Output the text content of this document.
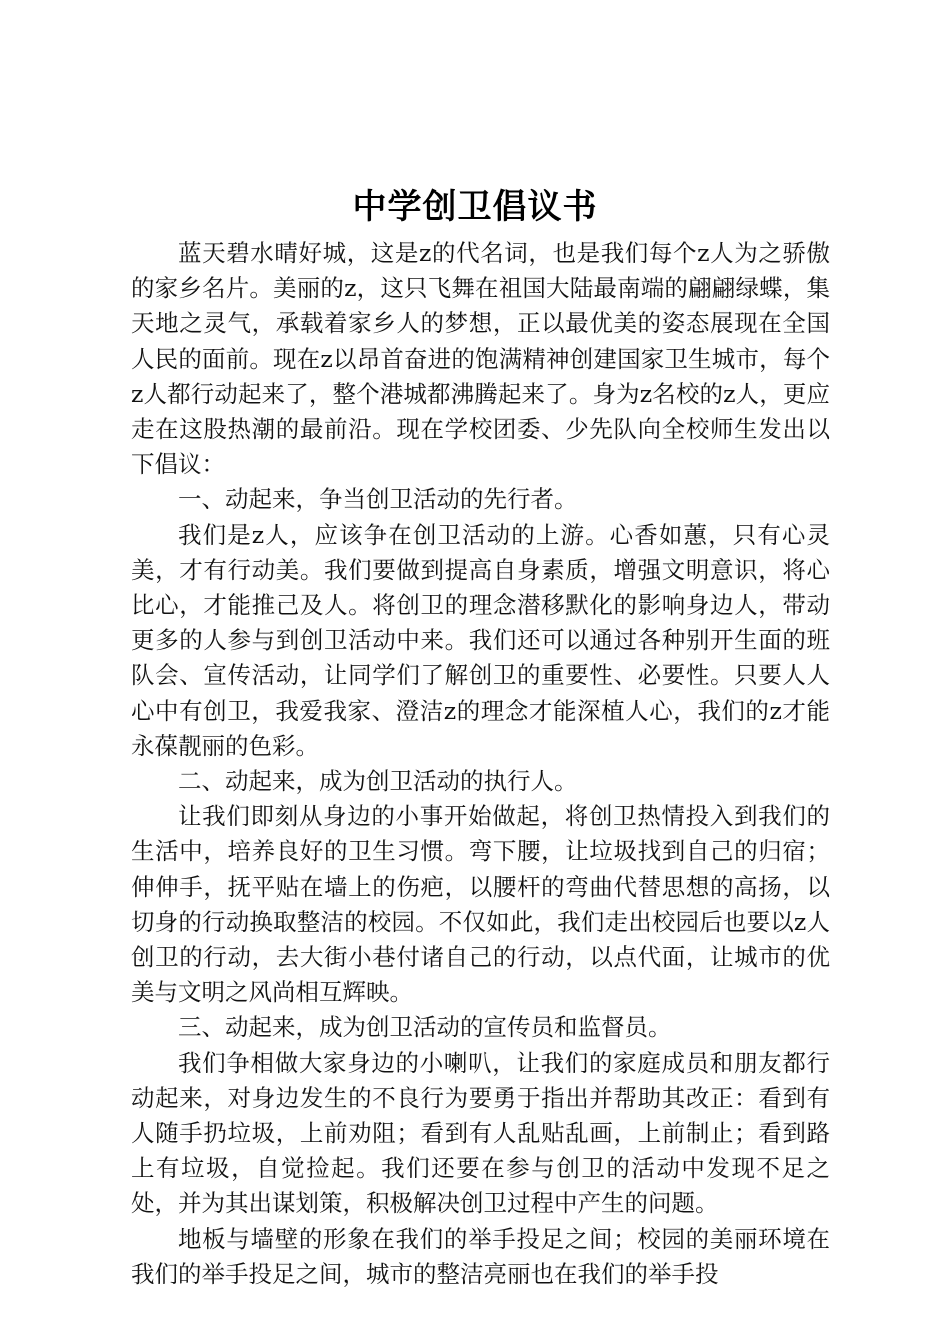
中学创卫倡议书

蓝天碧水晴好城，这是z的代名词，也是我们每个z人为之骄傲的家乡名片。美丽的z，这只飞舞在祖国大陆最南端的翩翩绿蝶，集天地之灵气，承载着家乡人的梦想，正以最优美的姿态展现在全国人民的面前。现在z以昂首奋进的饱满精神创建国家卫生城市，每个z人都行动起来了，整个港城都沸腾起来了。身为z名校的z人，更应走在这股热潮的最前沿。现在学校团委、少先队向全校师生发出以下倡议：

一、动起来，争当创卫活动的先行者。

我们是z人，应该争在创卫活动的上游。心香如蕙，只有心灵美，才有行动美。我们要做到提高自身素质，增强文明意识，将心比心，才能推己及人。将创卫的理念潜移默化的影响身边人，带动更多的人参与到创卫活动中来。我们还可以通过各种别开生面的班队会、宣传活动，让同学们了解创卫的重要性、必要性。只要人人心中有创卫，我爱我家、澄洁z的理念才能深植人心，我们的z才能永葆靓丽的色彩。

二、动起来，成为创卫活动的执行人。

让我们即刻从身边的小事开始做起，将创卫热情投入到我们的生活中，培养良好的卫生习惯。弯下腰，让垃圾找到自己的归宿；伸伸手，抚平贴在墙上的伤疤，以腰杆的弯曲代替思想的高扬，以切身的行动换取整洁的校园。不仅如此，我们走出校园后也要以z人创卫的行动，去大街小巷付诸自己的行动，以点代面，让城市的优美与文明之风尚相互辉映。

三、动起来，成为创卫活动的宣传员和监督员。

我们争相做大家身边的小喇叭，让我们的家庭成员和朋友都行动起来，对身边发生的不良行为要勇于指出并帮助其改正：看到有人随手扔垃圾，上前劝阻；看到有人乱贴乱画，上前制止；看到路上有垃圾，自觉捡起。我们还要在参与创卫的活动中发现不足之处，并为其出谋划策，积极解决创卫过程中产生的问题。

地板与墙壁的形象在我们的举手投足之间；校园的美丽环境在我们的举手投足之间，城市的整洁亮丽也在我们的举手投
